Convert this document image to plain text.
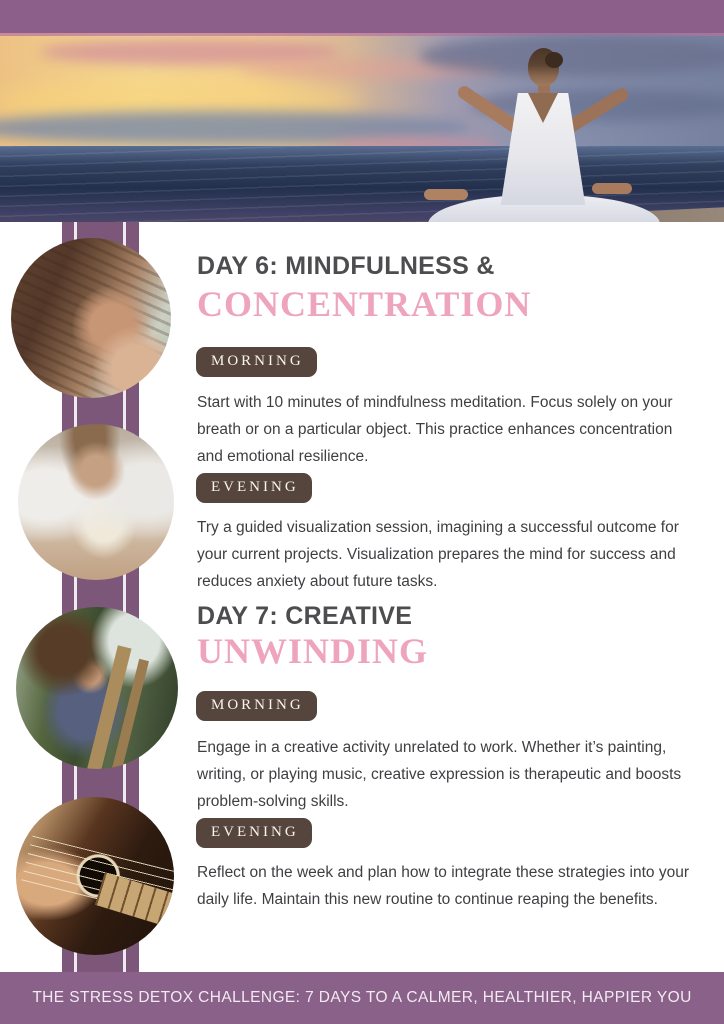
DAY 6: MINDFULNESS &
CONCENTRATION
MORNING
Start with 10 minutes of mindfulness meditation. Focus solely on your breath or on a particular object. This practice enhances concentration and emotional resilience.
EVENING
Try a guided visualization session, imagining a successful outcome for your current projects. Visualization prepares the mind for success and reduces anxiety about future tasks.
DAY 7: CREATIVE
UNWINDING
MORNING
Engage in a creative activity unrelated to work. Whether it’s painting, writing, or playing music, creative expression is therapeutic and boosts problem-solving skills.
EVENING
Reflect on the week and plan how to integrate these strategies into your daily life. Maintain this new routine to continue reaping the benefits.
THE STRESS DETOX CHALLENGE: 7 DAYS TO A CALMER, HEALTHIER, HAPPIER YOU
